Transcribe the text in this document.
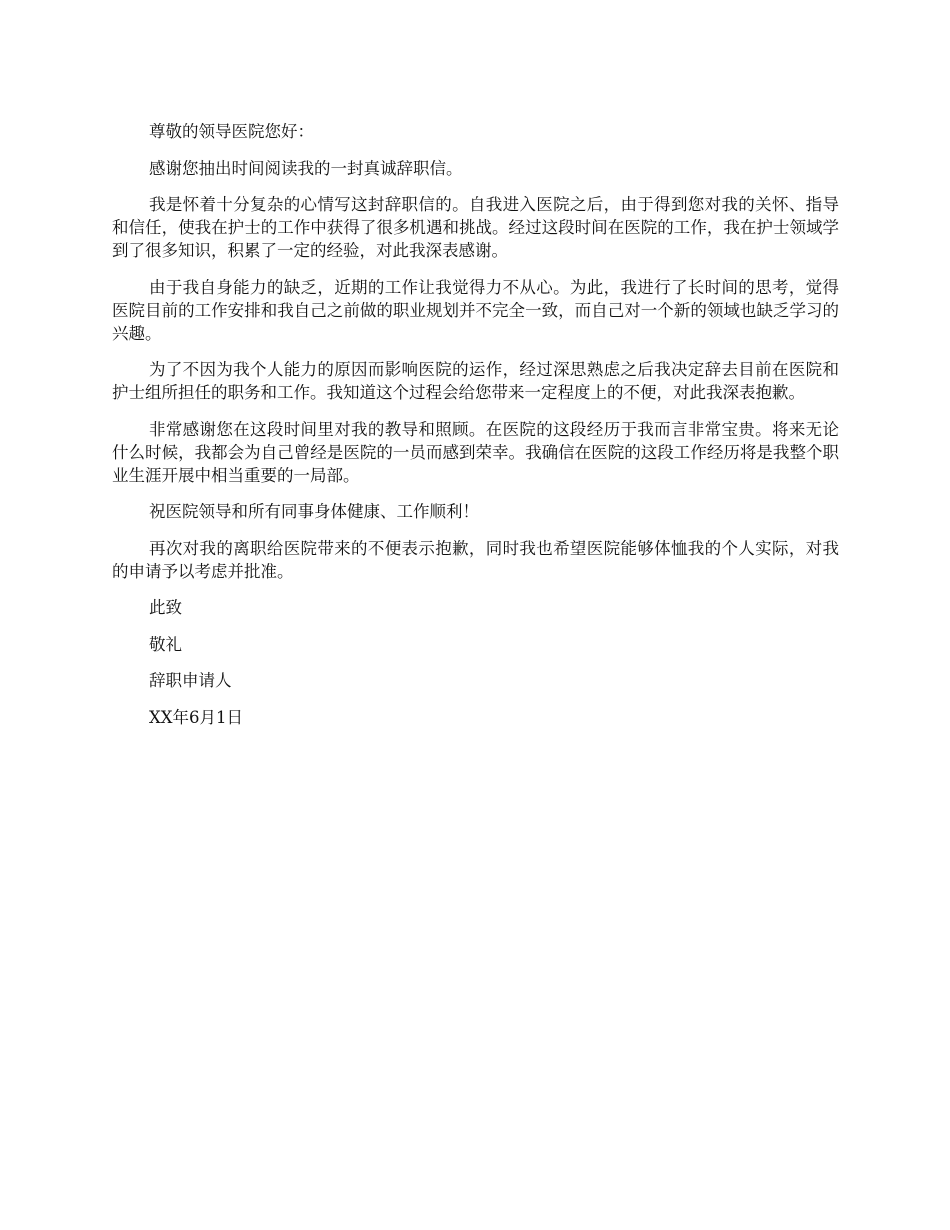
尊敬的领导医院您好：

感谢您抽出时间阅读我的一封真诚辞职信。

我是怀着十分复杂的心情写这封辞职信的。自我进入医院之后，由于得到您对我的关怀、指导和信任，使我在护士的工作中获得了很多机遇和挑战。经过这段时间在医院的工作，我在护士领域学到了很多知识，积累了一定的经验，对此我深表感谢。

由于我自身能力的缺乏，近期的工作让我觉得力不从心。为此，我进行了长时间的思考，觉得医院目前的工作安排和我自己之前做的职业规划并不完全一致，而自己对一个新的领域也缺乏学习的兴趣。

为了不因为我个人能力的原因而影响医院的运作，经过深思熟虑之后我决定辞去目前在医院和护士组所担任的职务和工作。我知道这个过程会给您带来一定程度上的不便，对此我深表抱歉。

非常感谢您在这段时间里对我的教导和照顾。在医院的这段经历于我而言非常宝贵。将来无论什么时候，我都会为自己曾经是医院的一员而感到荣幸。我确信在医院的这段工作经历将是我整个职业生涯开展中相当重要的一局部。

祝医院领导和所有同事身体健康、工作顺利！

再次对我的离职给医院带来的不便表示抱歉，同时我也希望医院能够体恤我的个人实际，对我的申请予以考虑并批准。

此致

敬礼

辞职申请人

XX年6月1日
